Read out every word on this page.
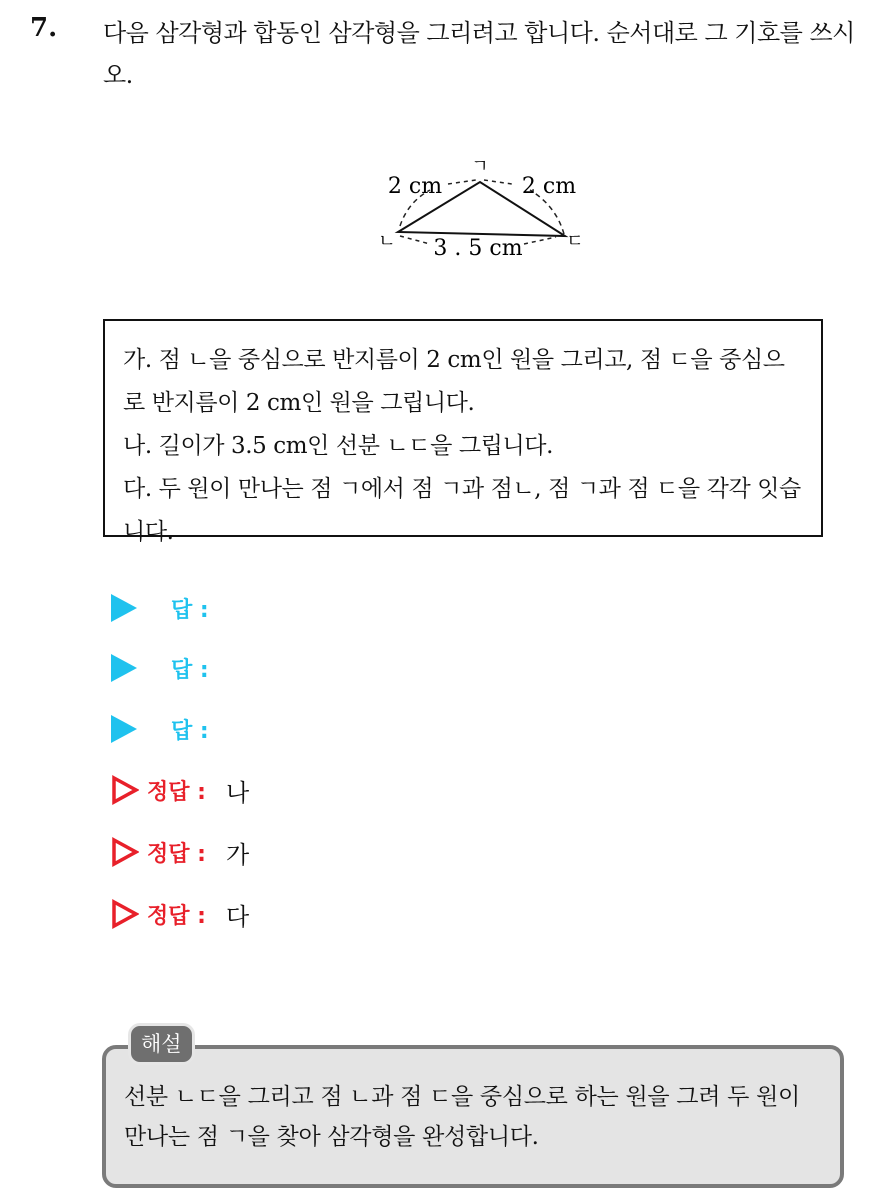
7. 다음 삼각형과 합동인 삼각형을 그리려고 합니다. 순서대로 그 기호를 쓰시오.
ㄱ
ㄴ	ㄷ
2 cm	2 cm
3 . 5 cm
가. 점 ㄴ을 중심으로 반지름이 2 cm인 원을 그리고, 점 ㄷ을 중심으로 반지름이 2 cm인 원을 그립니다.
나. 길이가 3.5 cm인 선분 ㄴㄷ을 그립니다.
다. 두 원이 만나는 점 ㄱ에서 점 ㄱ과 점ㄴ, 점 ㄱ과 점 ㄷ을 각각 잇습니다.
답 :
답 :
답 :
정답 : 나
정답 : 가
정답 : 다
해설
선분 ㄴㄷ을 그리고 점 ㄴ과 점 ㄷ을 중심으로 하는 원을 그려 두 원이 만나는 점 ㄱ을 찾아 삼각형을 완성합니다.
